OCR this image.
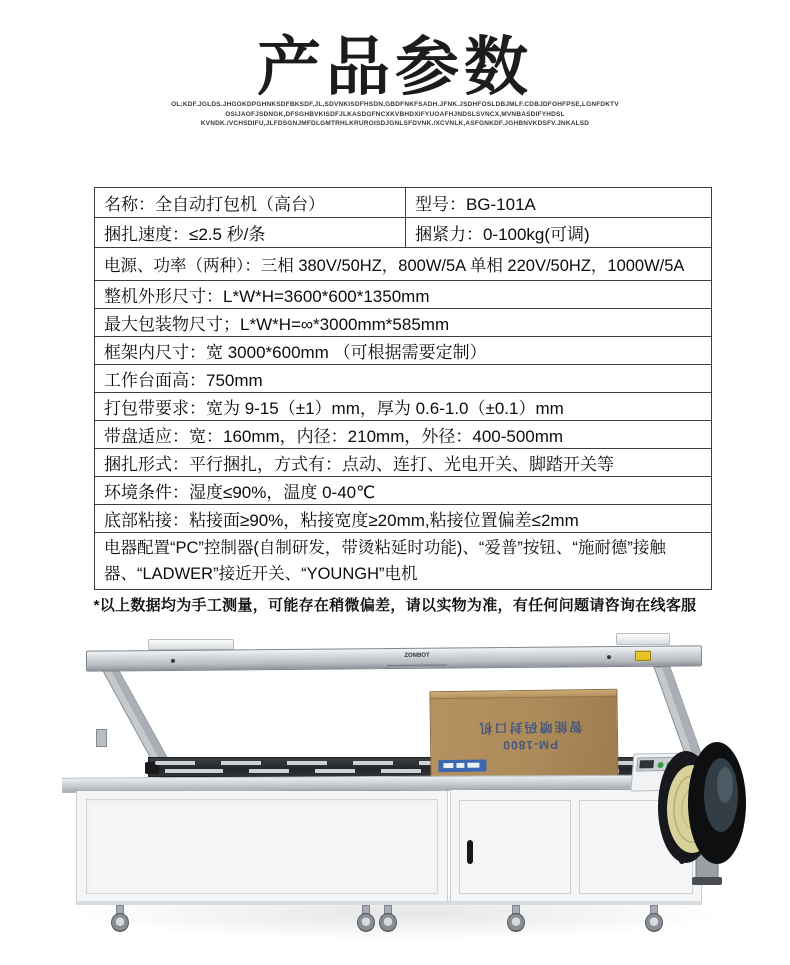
产品参数
OL;KDF.JGLDS.JHGOKDPGHNKSDFBKSDF.JL,SDVNKISDFHSDN,GBDFNKFSADH.JFNK.JSDHFOSLDBJMLF.CDBJDFOHFPSE,LGNFDKTV
OSIJAOFJSDNGK,DFSGHBVKISDFJLKASDGFNCXKVBHDXIFYUOAFHJNDSLSVNCX,MVNBASDIFYHDSL
KVNDK./VCHSDIFU,JLFDSGNJMFDLGMTRHLKRUROISDJGNLSFDVNK./XCVNLK,ASFGNKDF.JGHBNVKDSFV.JNKALSD
名称：全自动打包机（高台）	型号：BG-101A
捆扎速度：≤2.5 秒/条	捆紧力：0-100kg(可调)
电源、功率（两种）：三相 380V/50HZ，800W/5A 单相 220V/50HZ，1000W/5A	
整机外形尺寸：L*W*H=3600*600*1350mm	
最大包装物尺寸；L*W*H=∞*3000mm*585mm	
框架内尺寸：宽 3000*600mm （可根据需要定制）	
工作台面高：750mm	
打包带要求：宽为 9-15（±1）mm，厚为 0.6-1.0（±0.1）mm	
带盘适应：宽：160mm，内径：210mm，外径：400-500mm	
捆扎形式：平行捆扎，方式有：点动、连打、光电开关、脚踏开关等	
环境条件：湿度≤90%，温度 0-40℃	
底部粘接：粘接面≥90%，粘接宽度≥20mm,粘接位置偏差≤2mm	
电器配置“PC”控制器(自制研发，带烫粘延时功能)、“爱普”按钮、“施耐德”接触器、“LADWER”接近开关、“YOUNGH”电机	
*以上数据均为手工测量，可能存在稍微偏差，请以实物为准，有任何问题请咨询在线客服
ZONBOT
PM-1800
智能喷码封口机
